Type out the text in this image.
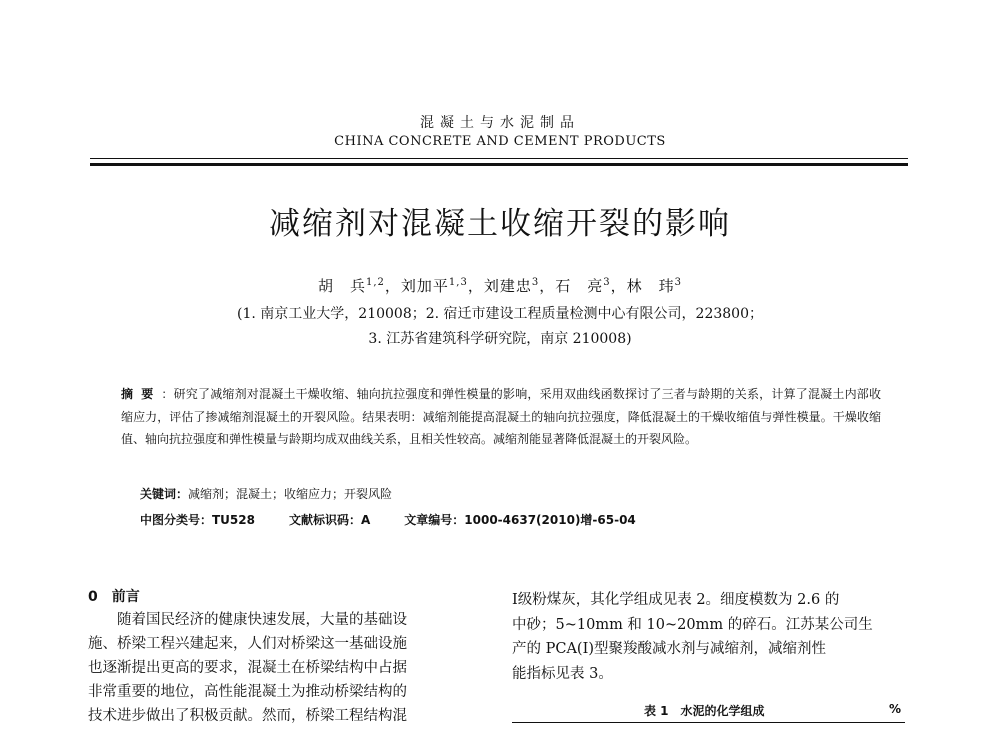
混凝土与水泥制品
CHINA CONCRETE AND CEMENT PRODUCTS
减缩剂对混凝土收缩开裂的影响
胡　兵$^{1,2}$，刘加平$^{1,3}$，刘建忠$^3$，石　亮$^3$，林　玮$^3$
(1. 南京工业大学，210008；2. 宿迁市建设工程质量检测中心有限公司，223800；
3. 江苏省建筑科学研究院，南京 210008)
摘要：研究了减缩剂对混凝土干燥收缩、轴向抗拉强度和弹性模量的影响，采用双曲线函数探讨了三者与龄期的关系，计算了混凝土内部收缩应力，评估了掺减缩剂混凝土的开裂风险。结果表明：减缩剂能提高混凝土的轴向抗拉强度，降低混凝土的干燥收缩值与弹性模量。干燥收缩值、轴向抗拉强度和弹性模量与龄期均成双曲线关系，且相关性较高。减缩剂能显著降低混凝土的开裂风险。
关键词：减缩剂；混凝土；收缩应力；开裂风险
中图分类号：TU528	文献标识码：A	文章编号：1000-4637(2010)增-65-04
0　前言

随着国民经济的健康快速发展，大量的基础设

施、桥梁工程兴建起来，人们对桥梁这一基础设施

也逐渐提出更高的要求，混凝土在桥梁结构中占据

非常重要的地位，高性能混凝土为推动桥梁结构的

技术进步做出了积极贡献。然而，桥梁工程结构混

Ⅰ级粉煤灰，其化学组成见表 2。细度模数为 2.6 的

中砂；5~10mm 和 10~20mm 的碎石。江苏某公司生

产的 PCA(Ⅰ)型聚羧酸减水剂与减缩剂，减缩剂性

能指标见表 3。

表 1　水泥的化学组成	%
